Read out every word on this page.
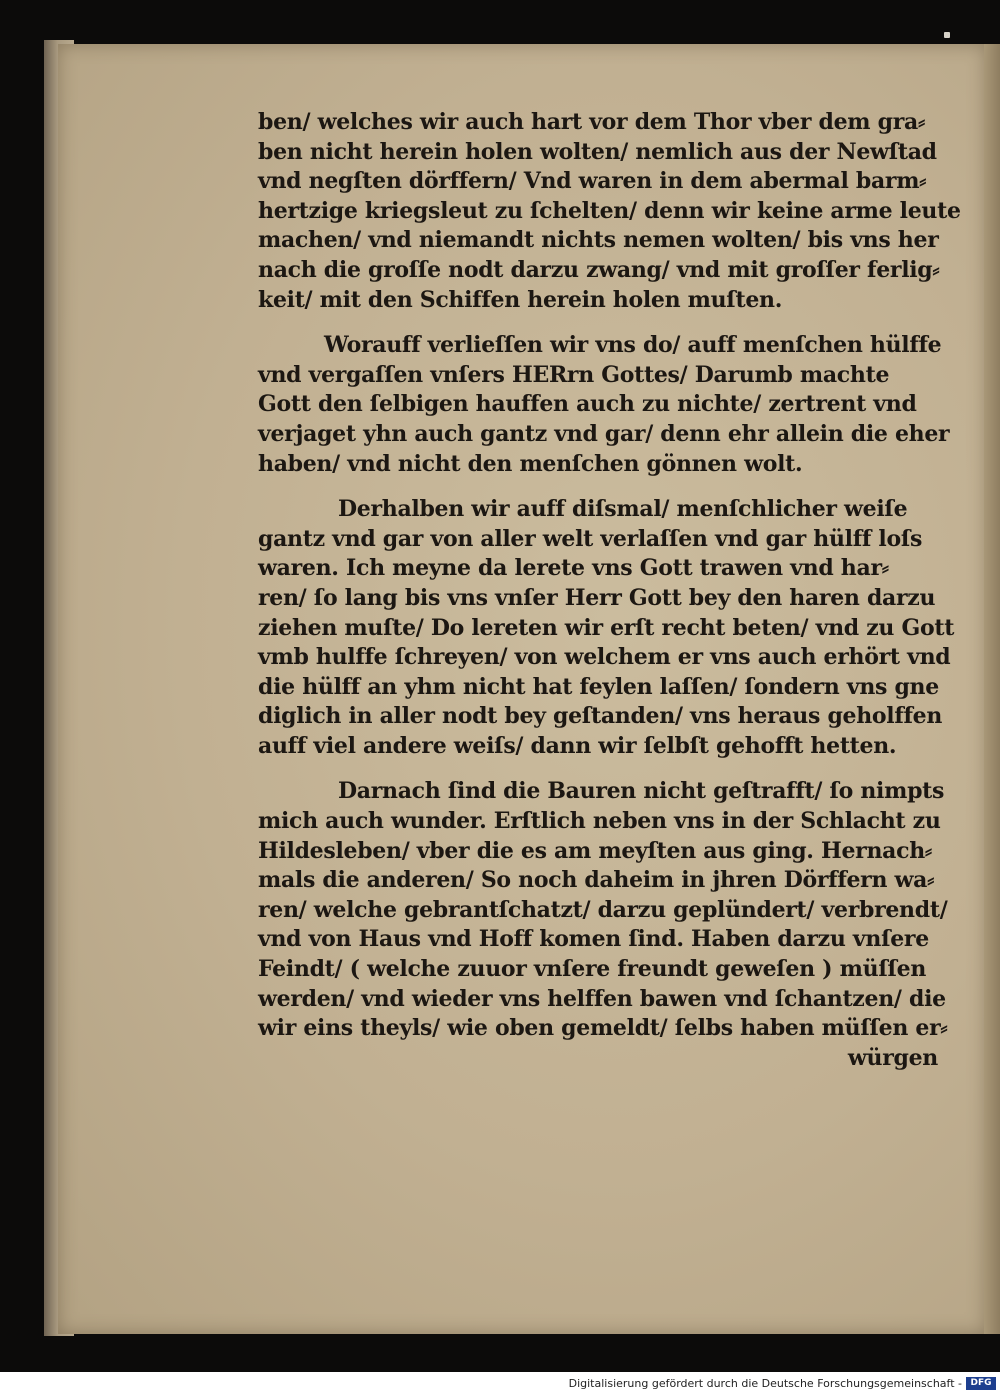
ben/ welches wir auch hart vor dem Thor vber dem gra⸗
ben nicht herein holen wolten/ nemlich aus der Newſtad
vnd negſten dörffern/ Vnd waren in dem abermal barm⸗
hertzige kriegsleut zu ſchelten/ denn wir keine arme leute
machen/ vnd niemandt nichts nemen wolten/ bis vns her
nach die groſſe nodt darzu zwang/ vnd mit groſſer ferlig⸗
keit/ mit den Schiffen herein holen muſten.
Worauff verlieſſen wir vns do/ auff menſchen hülffe
vnd vergaſſen vnſers HERrn Gottes/ Darumb machte
Gott den ſelbigen hauffen auch zu nichte/ zertrent vnd
verjaget yhn auch gantz vnd gar/ denn ehr allein die eher
haben/ vnd nicht den menſchen gönnen wolt.
Derhalben wir auff diſsmal/ menſchlicher weiſe
gantz vnd gar von aller welt verlaſſen vnd gar hülff loſs
waren. Ich meyne da lerete vns Gott trawen vnd har⸗
ren/ ſo lang bis vns vnſer Herr Gott bey den haren darzu
ziehen muſte/ Do lereten wir erſt recht beten/ vnd zu Gott
vmb hulffe ſchreyen/ von welchem er vns auch erhört vnd
die hülff an yhm nicht hat feylen laſſen/ ſondern vns gne
diglich in aller nodt bey geſtanden/ vns heraus geholffen
auff viel andere weiſs/ dann wir ſelbſt gehofft hetten.
Darnach ſind die Bauren nicht geſtrafft/ ſo nimpts
mich auch wunder. Erſtlich neben vns in der Schlacht zu
Hildesleben/ vber die es am meyſten aus ging. Hernach⸗
mals die anderen/ So noch daheim in jhren Dörffern wa⸗
ren/ welche gebrantſchatzt/ darzu geplündert/ verbrendt/
vnd von Haus vnd Hoff komen ſind. Haben darzu vnſere
Feindt/ ( welche zuuor vnſere freundt geweſen ) müſſen
werden/ vnd wieder vns helffen bawen vnd ſchantzen/ die
wir eins theyls/ wie oben gemeldt/ ſelbs haben müſſen er⸗
würgen
Digitalisierung gefördert durch die Deutsche Forschungsgemeinschaft - DFG
